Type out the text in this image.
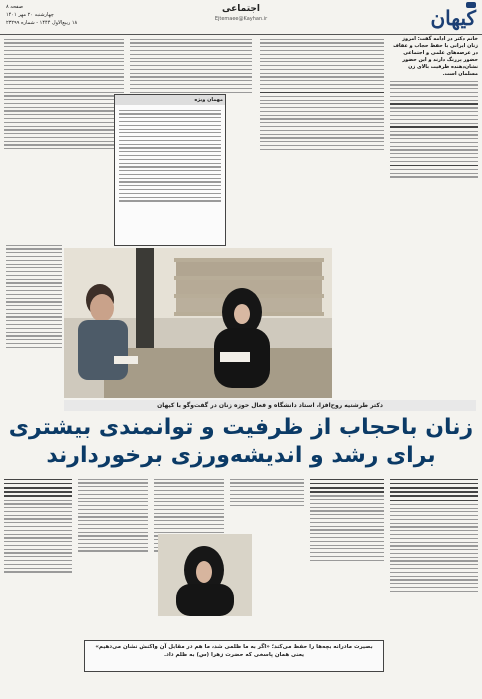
کیهان
اجتماعی
Ejtemaee@Kayhan.ir
صفحه ۸
چهارشنبه ۲۰ مهر ۱۴۰۱
۱۸ ربیع‌الاول ۱۴۴۴ - شماره ۲۳۲۹۹
خانم دکتر در ادامه گفت: امروز زنان ایرانی با حفظ حجاب و عفاف در عرصه‌های علمی و اجتماعی حضور پررنگ دارند و این حضور نشان‌دهنده ظرفیت بالای زن مسلمان است.
مهمان ویژه
دکتر طرشتیه روح‌افزا، استاد دانشگاه و فعال حوزه زنان در گفت‌وگو با کیهان
زنان باحجاب از ظرفیت و توانمندی بیشتری
برای رشد و اندیشه‌ورزی برخوردارند
بصیرت مادرانه بچه‌ها را حفظ می‌کند؛ «اگر به ما ظلمی شد، ما هم در مقابل آن واکنش نشان می‌دهیم» یعنی همان پاسخی که حضرت زهرا (س) به ظلم داد.
